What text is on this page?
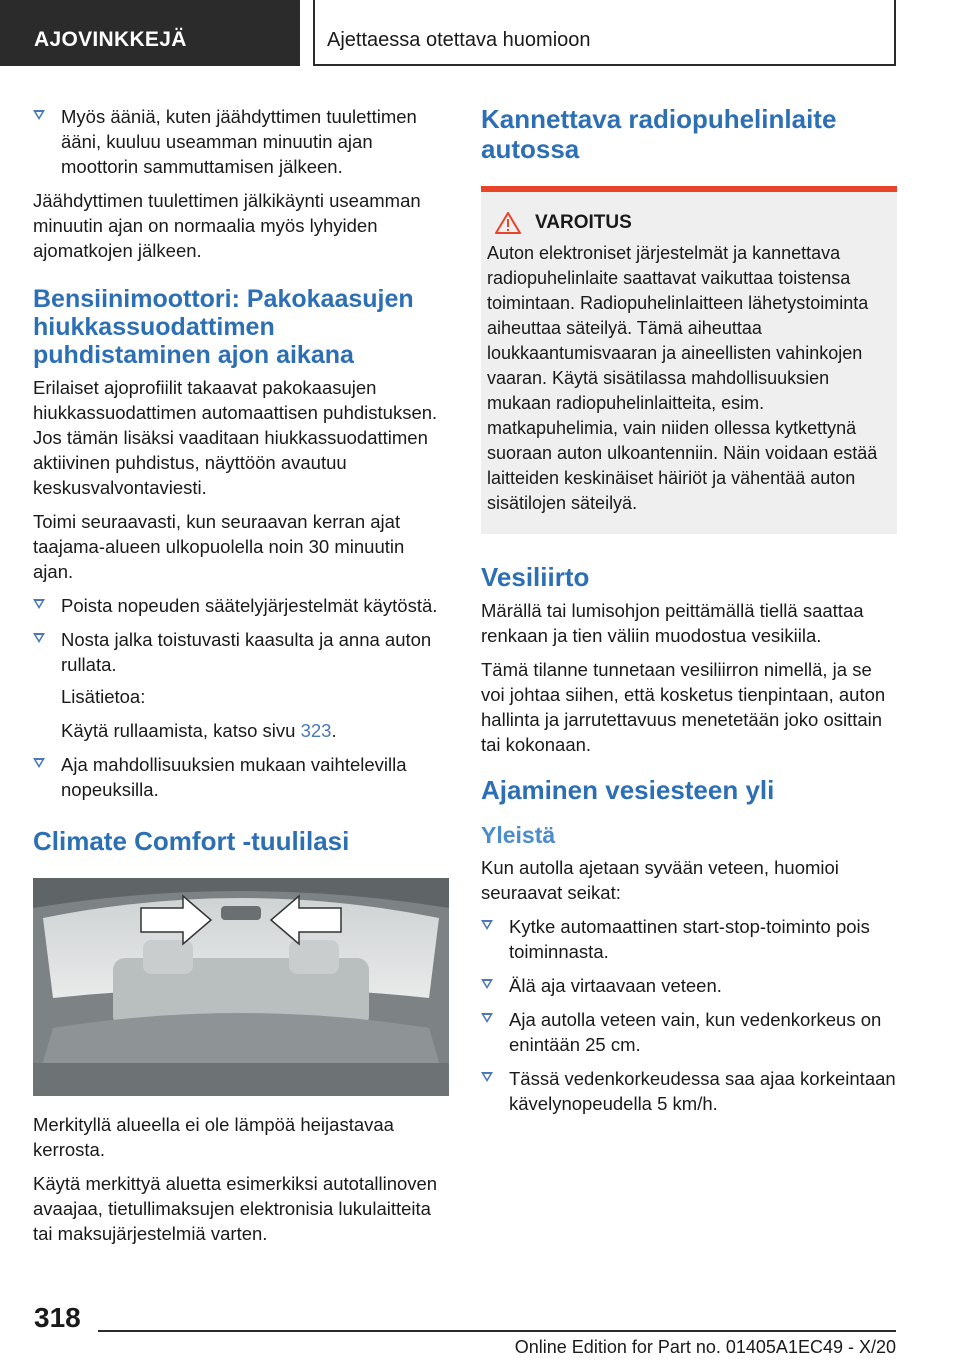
AJOVINKKEJÄ	Ajettaessa otettava huomioon
Myös ääniä, kuten jäähdyttimen tuulettimen ääni, kuuluu useamman minuutin ajan moottorin sammuttamisen jälkeen.

Jäähdyttimen tuulettimen jälkikäynti useamman minuutin ajan on normaalia myös lyhyiden ajomatkojen jälkeen.

Bensiinimoottori: Pakokaasujen hiukkassuodattimen puhdistaminen ajon aikana

Erilaiset ajoprofiilit takaavat pakokaasujen hiukkassuodattimen automaattisen puhdistuksen. Jos tämän lisäksi vaaditaan hiukkassuodattimen aktiivinen puhdistus, näyttöön avautuu keskusvalvontaviesti.

Toimi seuraavasti, kun seuraavan kerran ajat taajama-alueen ulkopuolella noin 30 minuutin ajan.

Poista nopeuden säätelyjärjestelmät käytöstä.
Nosta jalka toistuvasti kaasulta ja anna auton rullata.
Lisätietoa:
Käytä rullaamista, katso sivu 323.
Aja mahdollisuuksien mukaan vaihtelevilla nopeuksilla.
Climate Comfort -tuulilasi

Merkityllä alueella ei ole lämpöä heijastavaa kerrosta.

Käytä merkittyä aluetta esimerkiksi autotallinoven avaajaa, tietullimaksujen elektronisia lukulaitteita tai maksujärjestelmiä varten.

Kannettava radiopuhelinlaite autossa
VAROITUS
Auton elektroniset järjestelmät ja kannettava radiopuhelinlaite saattavat vaikuttaa toistensa toimintaan. Radiopuhelinlaitteen lähetystoiminta aiheuttaa säteilyä. Tämä aiheuttaa loukkaantumisvaaran ja aineellisten vahinkojen vaaran. Käytä sisätilassa mahdollisuuksien mukaan radiopuhelinlaitteita, esim. matkapuhelimia, vain niiden ollessa kytkettynä suoraan auton ulkoantenniin. Näin voidaan estää laitteiden keskinäiset häiriöt ja vähentää auton sisätilojen säteilyä.
Vesiliirto

Märällä tai lumisohjon peittämällä tiellä saattaa renkaan ja tien väliin muodostua vesikiila.

Tämä tilanne tunnetaan vesiliirron nimellä, ja se voi johtaa siihen, että kosketus tienpintaan, auton hallinta ja jarrutettavuus menetetään joko osittain tai kokonaan.

Ajaminen vesiesteen yli
Yleistä

Kun autolla ajetaan syvään veteen, huomioi seuraavat seikat:

Kytke automaattinen start-stop-toiminto pois toiminnasta.
Älä aja virtaavaan veteen.
Aja autolla veteen vain, kun vedenkorkeus on enintään 25 cm.
Tässä vedenkorkeudessa saa ajaa korkeintaan kävelynopeudella 5 km/h.
318
Online Edition for Part no. 01405A1EC49 - X/20
